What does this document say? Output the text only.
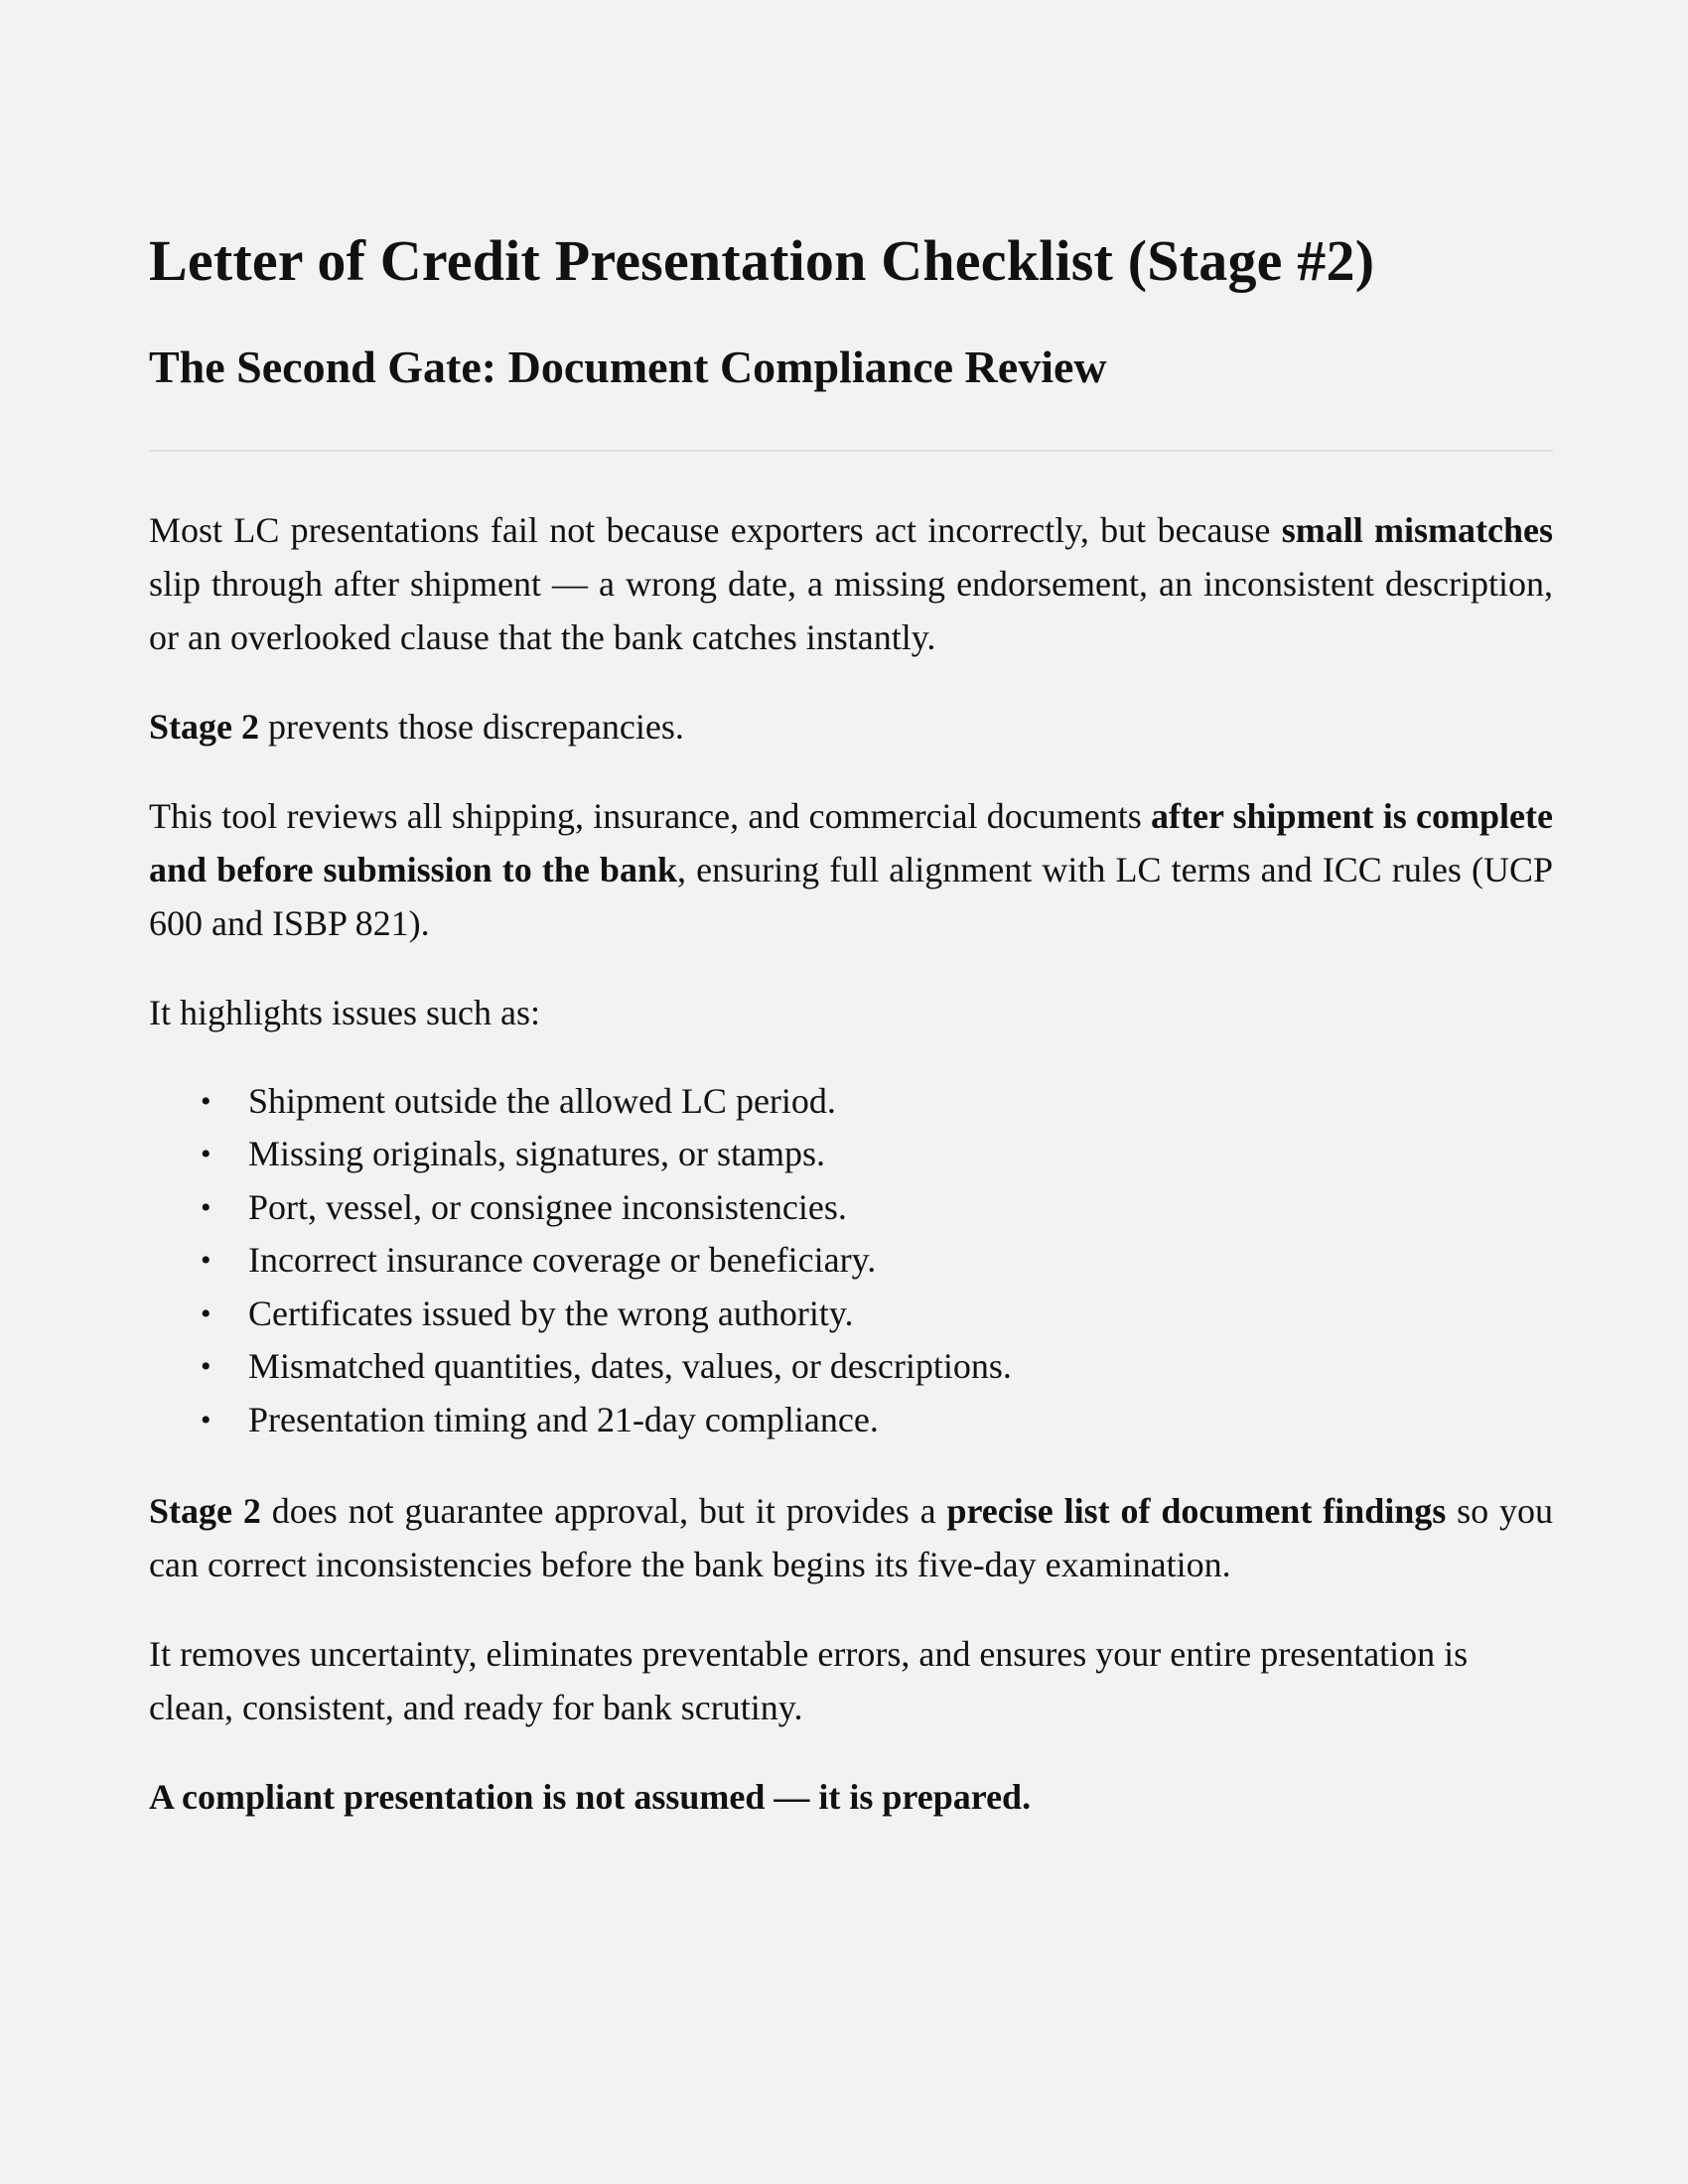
Letter of Credit Presentation Checklist (Stage #2)
The Second Gate: Document Compliance Review

Most LC presentations fail not because exporters act incorrectly, but because small mismatches slip through after shipment — a wrong date, a missing endorsement, an inconsistent description, or an overlooked clause that the bank catches instantly.

Stage 2 prevents those discrepancies.

This tool reviews all shipping, insurance, and commercial documents after shipment is complete and before submission to the bank, ensuring full alignment with LC terms and ICC rules (UCP 600 and ISBP 821).

It highlights issues such as:

• Shipment outside the allowed LC period.
• Missing originals, signatures, or stamps.
• Port, vessel, or consignee inconsistencies.
• Incorrect insurance coverage or beneficiary.
• Certificates issued by the wrong authority.
• Mismatched quantities, dates, values, or descriptions.
• Presentation timing and 21-day compliance.

Stage 2 does not guarantee approval, but it provides a precise list of document findings so you can correct inconsistencies before the bank begins its five-day examination.

It removes uncertainty, eliminates preventable errors, and ensures your entire presentation is clean, consistent, and ready for bank scrutiny.

A compliant presentation is not assumed — it is prepared.
